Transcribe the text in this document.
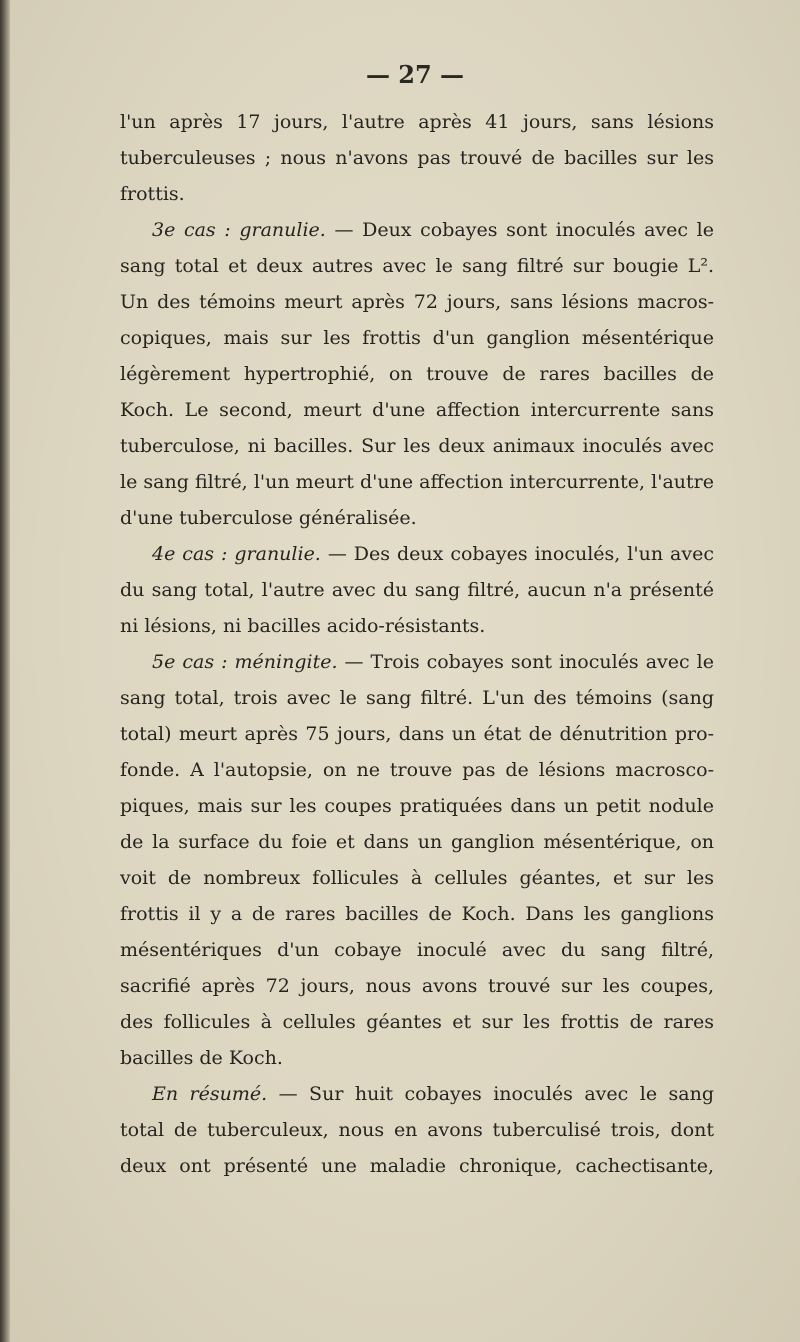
— 27 —
l'un après 17 jours, l'autre après 41 jours, sans lésions
tuberculeuses ; nous n'avons pas trouvé de bacilles sur les
frottis.
3e cas : granulie. — Deux cobayes sont inoculés avec le
sang total et deux autres avec le sang filtré sur bougie L².
Un des témoins meurt après 72 jours, sans lésions macros-
copiques, mais sur les frottis d'un ganglion mésentérique
légèrement hypertrophié, on trouve de rares bacilles de
Koch. Le second, meurt d'une affection intercurrente sans
tuberculose, ni bacilles. Sur les deux animaux inoculés avec
le sang filtré, l'un meurt d'une affection intercurrente, l'autre
d'une tuberculose généralisée.
4e cas : granulie. — Des deux cobayes inoculés, l'un avec
du sang total, l'autre avec du sang filtré, aucun n'a présenté
ni lésions, ni bacilles acido-résistants.
5e cas : méningite. — Trois cobayes sont inoculés avec le
sang total, trois avec le sang filtré. L'un des témoins (sang
total) meurt après 75 jours, dans un état de dénutrition pro-
fonde. A l'autopsie, on ne trouve pas de lésions macrosco-
piques, mais sur les coupes pratiquées dans un petit nodule
de la surface du foie et dans un ganglion mésentérique, on
voit de nombreux follicules à cellules géantes, et sur les
frottis il y a de rares bacilles de Koch. Dans les ganglions
mésentériques d'un cobaye inoculé avec du sang filtré,
sacrifié après 72 jours, nous avons trouvé sur les coupes,
des follicules à cellules géantes et sur les frottis de rares
bacilles de Koch.
En résumé. — Sur huit cobayes inoculés avec le sang
total de tuberculeux, nous en avons tuberculisé trois, dont
deux ont présenté une maladie chronique, cachectisante,
